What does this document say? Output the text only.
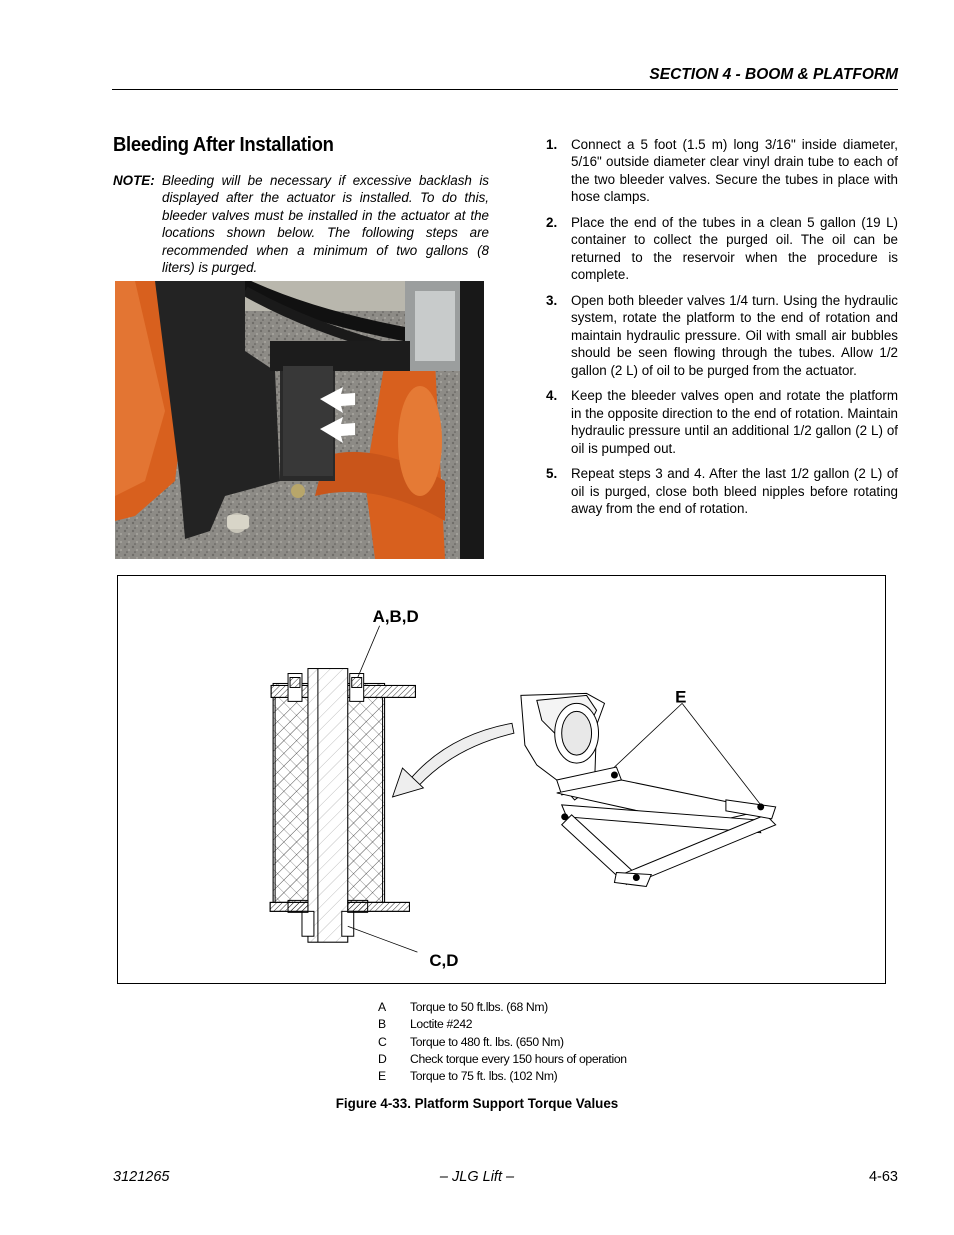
SECTION 4 - BOOM & PLATFORM
Bleeding After Installation
NOTE: Bleeding will be necessary if excessive backlash is displayed after the actuator is installed. To do this, bleeder valves must be installed in the actuator at the locations shown below. The following steps are recommended when a minimum of two gallons (8 liters) is purged.
1. Connect a 5 foot (1.5 m) long 3/16" inside diameter, 5/16" outside diameter clear vinyl drain tube to each of the two bleeder valves. Secure the tubes in place with hose clamps.
2. Place the end of the tubes in a clean 5 gallon (19 L) container to collect the purged oil. The oil can be returned to the reservoir when the procedure is complete.
3. Open both bleeder valves 1/4 turn. Using the hydraulic system, rotate the platform to the end of rotation and maintain hydraulic pressure. Oil with small air bubbles should be seen flowing through the tubes. Allow 1/2 gallon (2 L) of oil to be purged from the actuator.
4. Keep the bleeder valves open and rotate the platform in the opposite direction to the end of rotation. Maintain hydraulic pressure until an additional 1/2 gallon (2 L) of oil is pumped out.
5. Repeat steps 3 and 4. After the last 1/2 gallon (2 L) of oil is purged, close both bleed nipples before rotating away from the end of rotation.
A,B,D
C,D
E
A	Torque to 50 ft.lbs. (68 Nm)
B	Loctite #242
C	Torque to 480 ft. lbs. (650 Nm)
D	Check torque every 150 hours of operation
E	Torque to 75 ft. lbs. (102 Nm)
Figure 4-33. Platform Support Torque Values
3121265	– JLG Lift –	4-63
